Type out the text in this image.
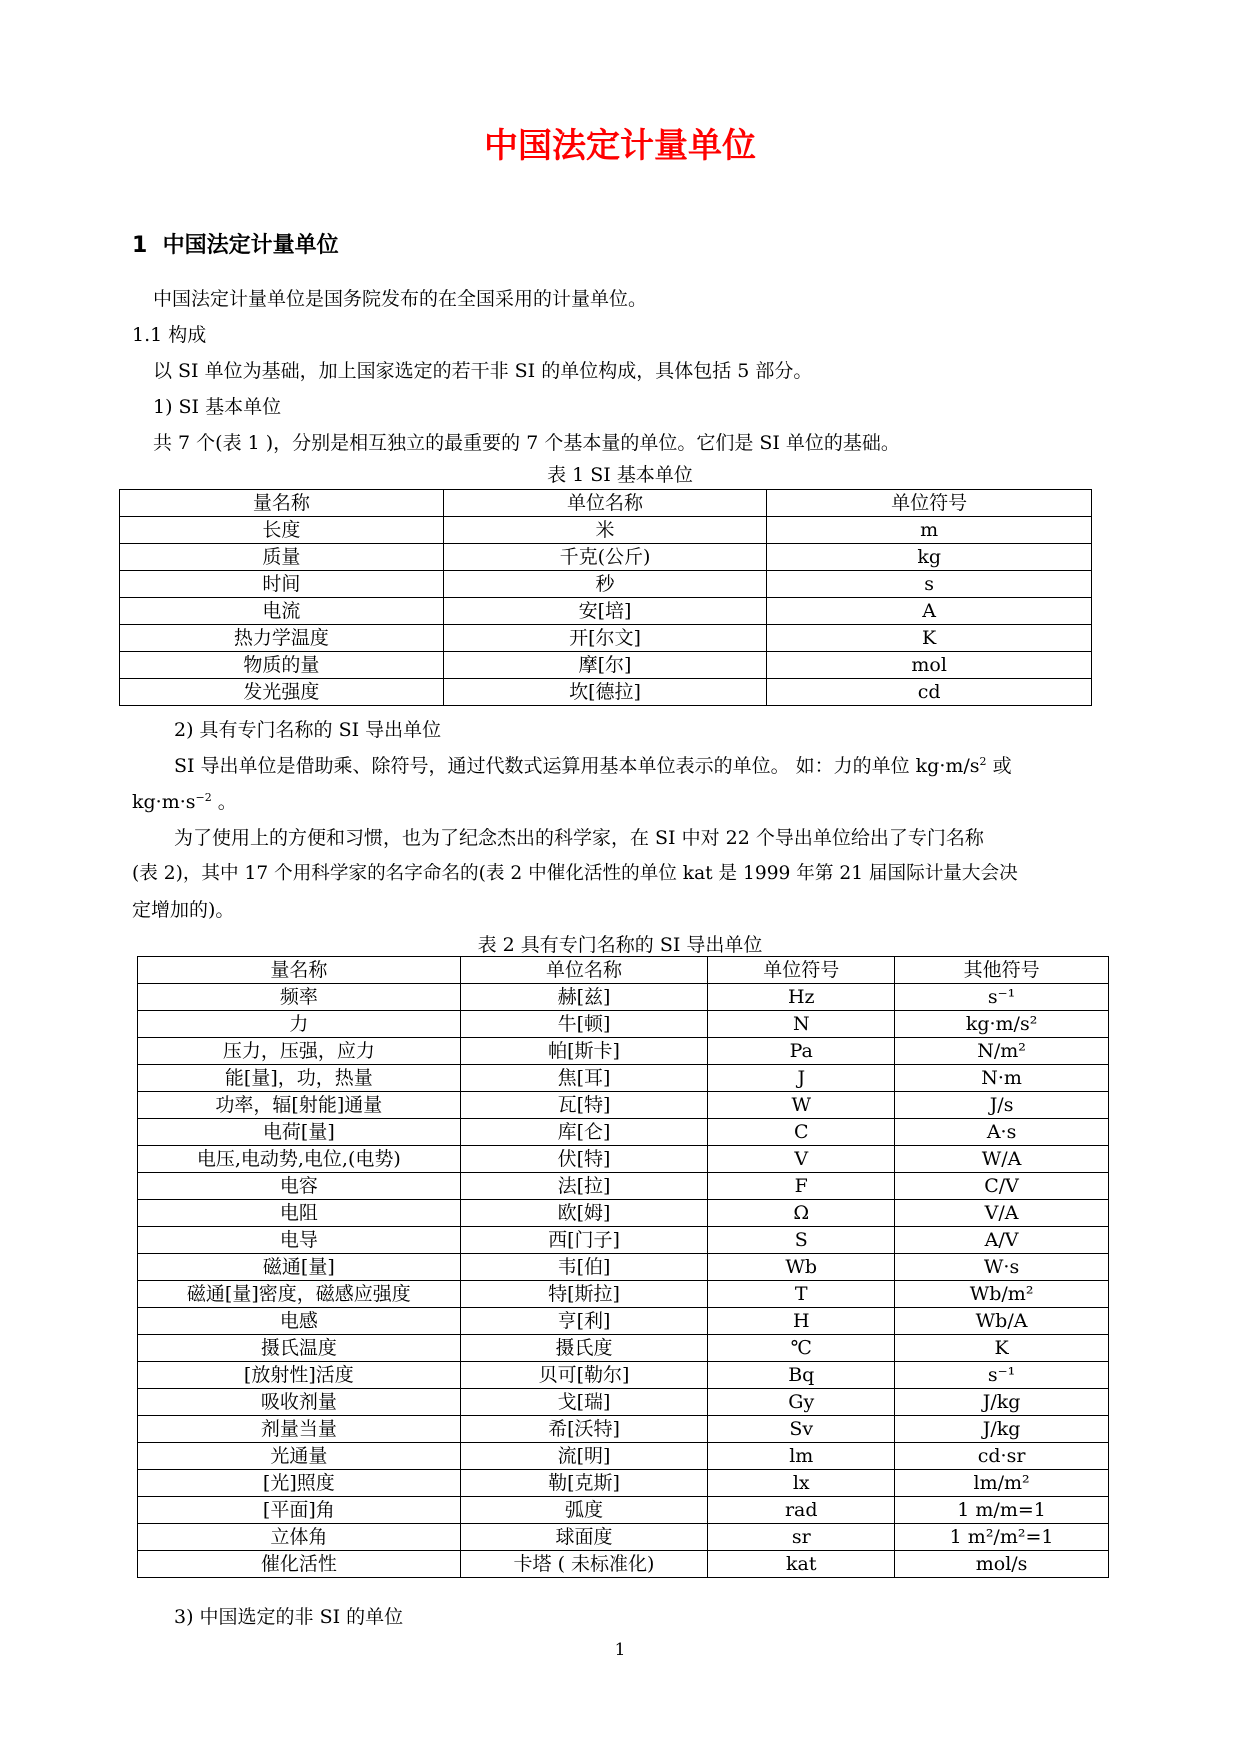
中国法定计量单位
1 中国法定计量单位
中国法定计量单位是国务院发布的在全国采用的计量单位。
1.1 构成
以 SI 单位为基础，加上国家选定的若干非 SI 的单位构成，具体包括 5 部分。
1) SI 基本单位
共 7 个(表 1 )，分别是相互独立的最重要的 7 个基本量的单位。它们是 SI 单位的基础。
表 1 SI 基本单位
量名称	单位名称	单位符号
长度	米	m
质量	千克(公斤)	kg
时间	秒	s
电流	安[培]	A
热力学温度	开[尔文]	K
物质的量	摩[尔]	mol
发光强度	坎[德拉]	cd
2) 具有专门名称的 SI 导出单位
SI 导出单位是借助乘、除符号，通过代数式运算用基本单位表示的单位。 如：力的单位 $kg\cdot m/s^2$ 或
$kg\cdot m\cdot s^{-2}$ 。
为了使用上的方便和习惯，也为了纪念杰出的科学家，在 SI 中对 22 个导出单位给出了专门名称
(表 2)，其中 17 个用科学家的名字命名的(表 2 中催化活性的单位 kat 是 1999 年第 21 届国际计量大会决
定增加的)。
表 2 具有专门名称的 SI 导出单位
量名称	单位名称	单位符号	其他符号
频率	赫[兹]	Hz	s⁻¹
力	牛[顿]	N	kg·m/s²
压力，压强，应力	帕[斯卡]	Pa	N/m²
能[量]，功，热量	焦[耳]	J	N·m
功率，辐[射能]通量	瓦[特]	W	J/s
电荷[量]	库[仑]	C	A·s
电压,电动势,电位,(电势)	伏[特]	V	W/A
电容	法[拉]	F	C/V
电阻	欧[姆]	Ω	V/A
电导	西[门子]	S	A/V
磁通[量]	韦[伯]	Wb	W·s
磁通[量]密度，磁感应强度	特[斯拉]	T	Wb/m²
电感	亨[利]	H	Wb/A
摄氏温度	摄氏度	℃	K
[放射性]活度	贝可[勒尔]	Bq	s⁻¹
吸收剂量	戈[瑞]	Gy	J/kg
剂量当量	希[沃特]	Sv	J/kg
光通量	流[明]	lm	cd·sr
[光]照度	勒[克斯]	lx	lm/m²
[平面]角	弧度	rad	1 m/m=1
立体角	球面度	sr	1 m²/m²=1
催化活性	卡塔 ( 未标准化)	kat	mol/s
3) 中国选定的非 SI 的单位
1
